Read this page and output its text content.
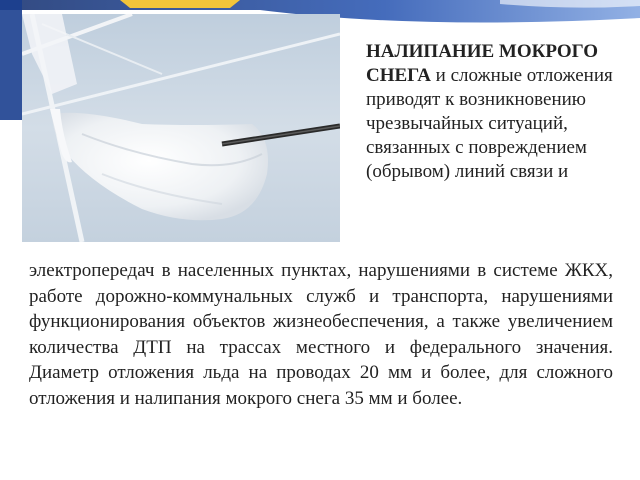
НАЛИПАНИЕ МОКРОГО СНЕГА и сложные отложения приводят к возникновению чрезвычайных ситуаций, связанных с повреждением (обрывом) линий связи и
электропередач в населенных пунктах, нарушениями в системе ЖКХ, работе дорожно-коммунальных служб и транспорта, нарушениями функционирования объектов жизнеобеспечения, а также увеличением количества ДТП на трассах местного и федерального значения. Диаметр отложения льда на проводах 20 мм и более, для сложного отложения и налипания мокрого снега 35 мм и более.
